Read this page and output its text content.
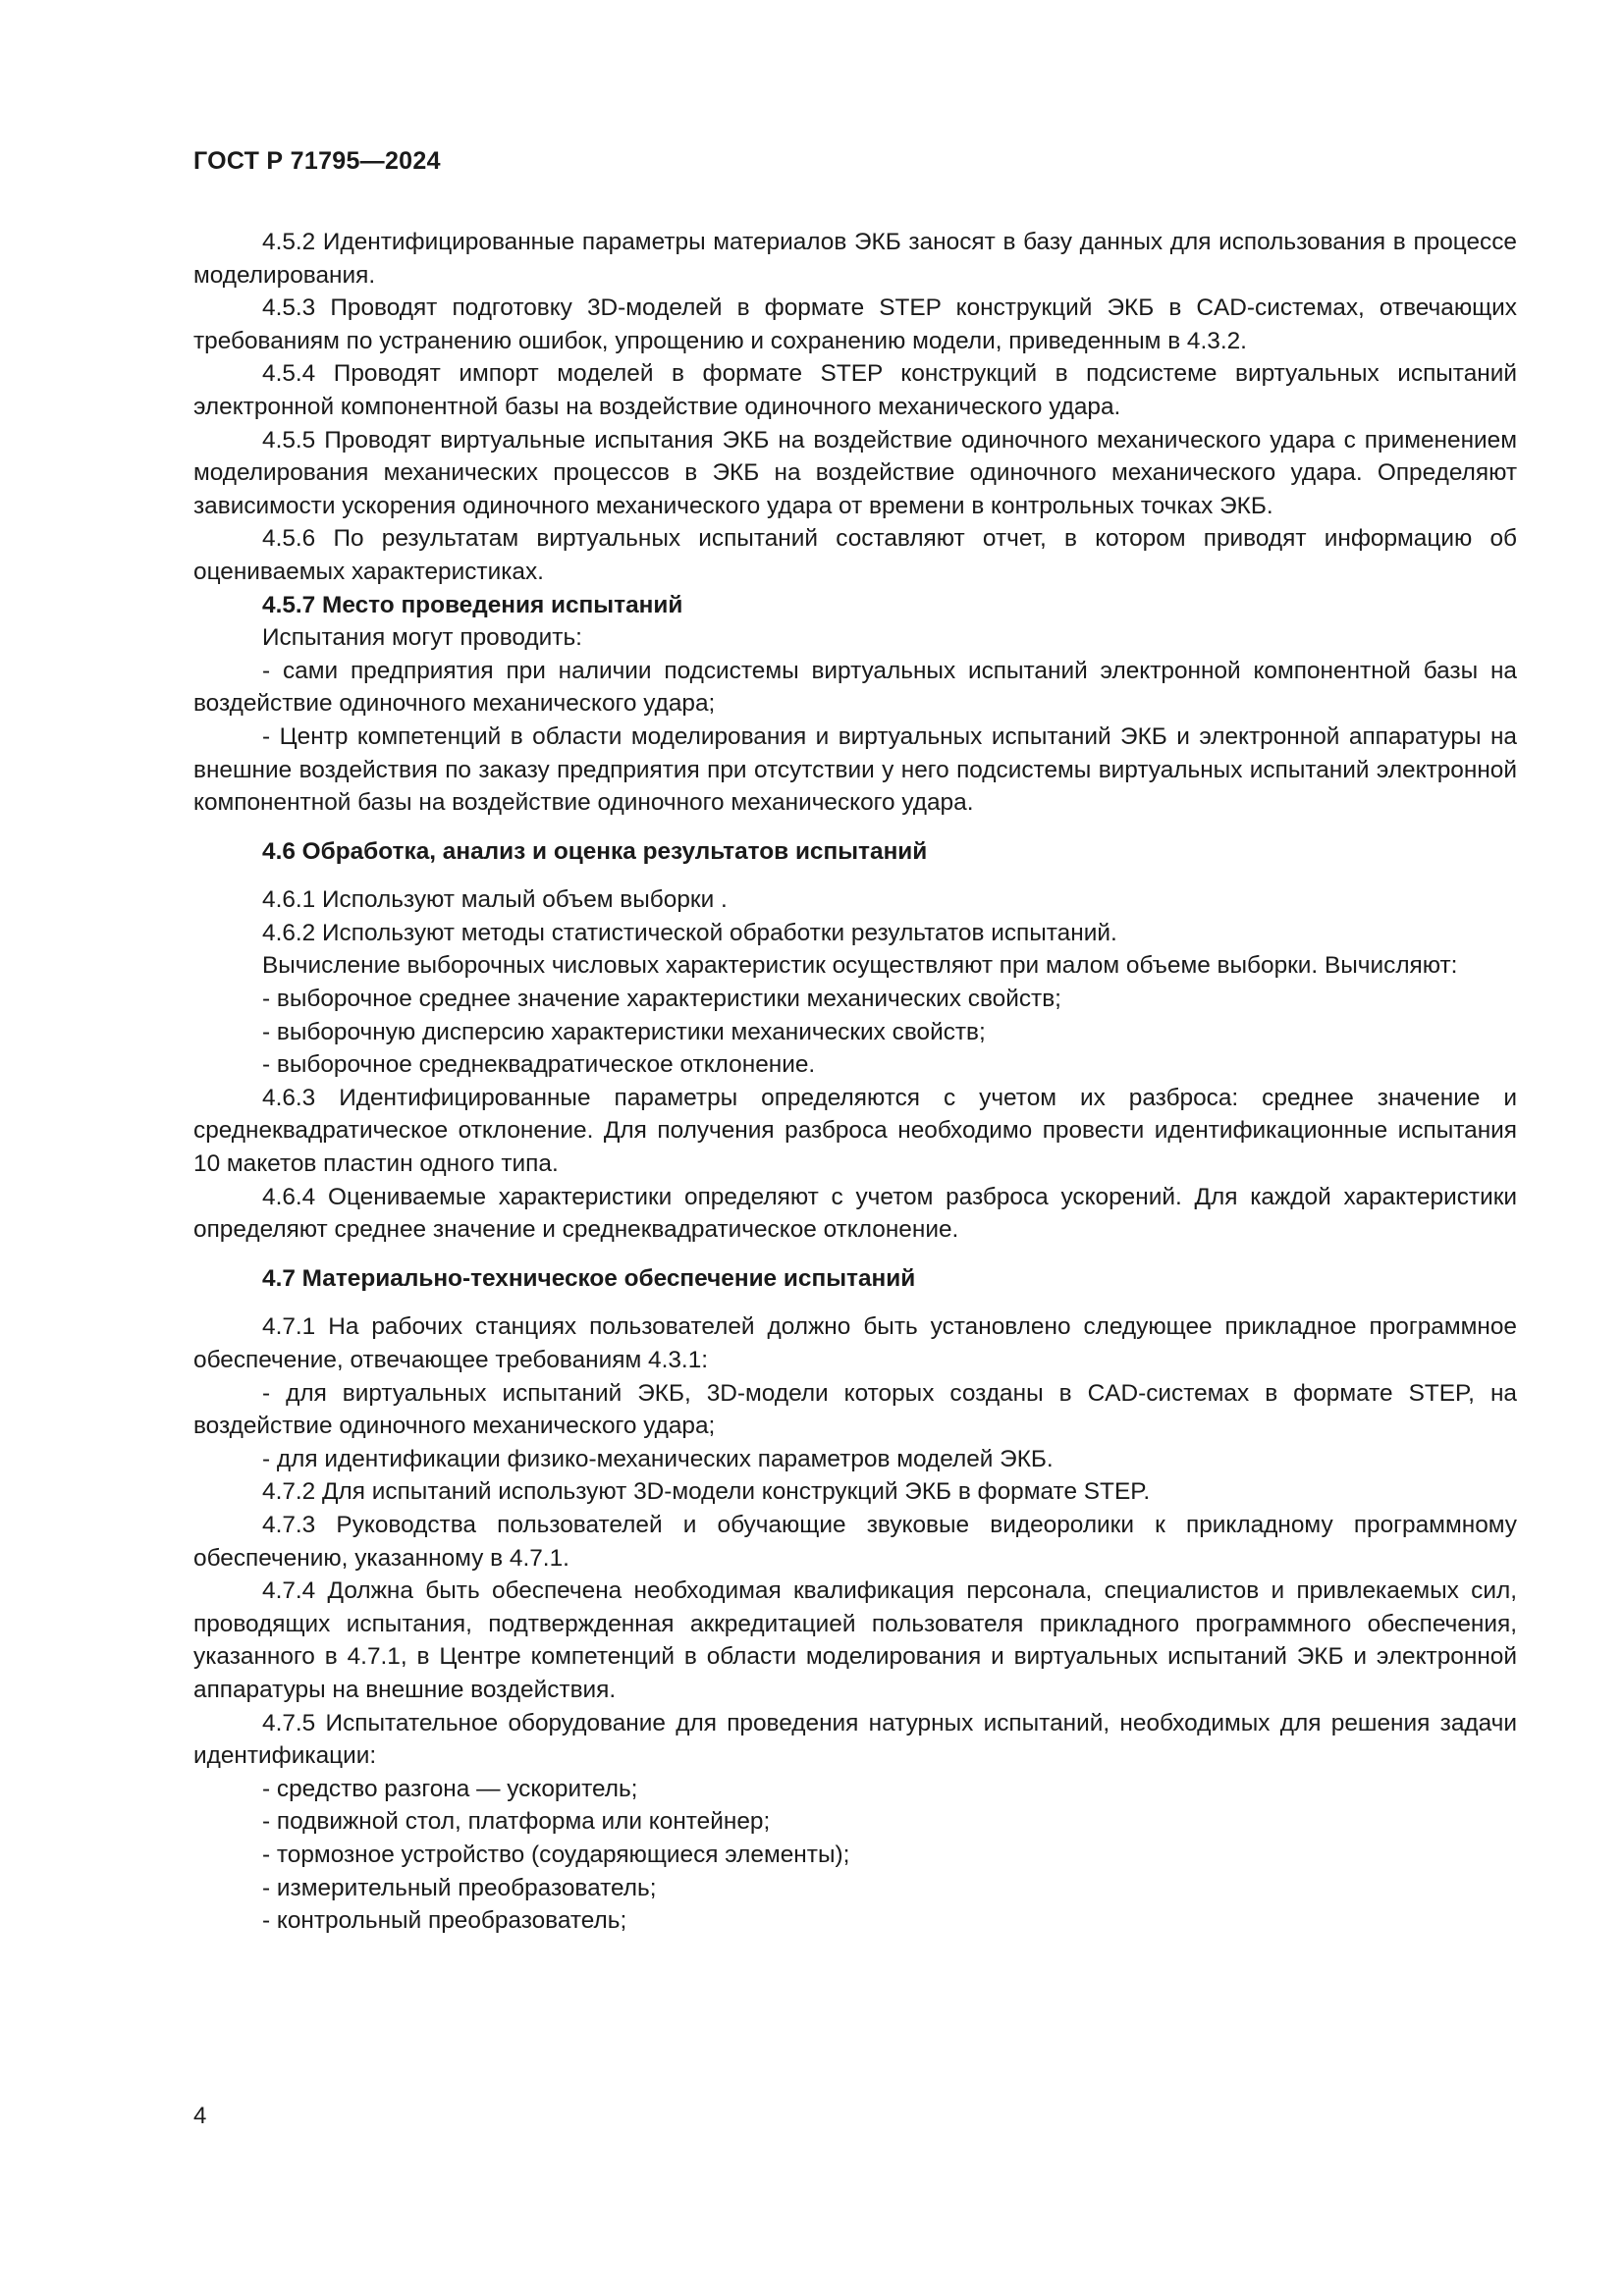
ГОСТ Р 71795—2024

4.5.2 Идентифицированные параметры материалов ЭКБ заносят в базу данных для использования в процессе моделирования.

4.5.3 Проводят подготовку 3D-моделей в формате STEP конструкций ЭКБ в CAD-системах, отвечающих требованиям по устранению ошибок, упрощению и сохранению модели, приведенным в 4.3.2.

4.5.4 Проводят импорт моделей в формате STEP конструкций в подсистеме виртуальных испытаний электронной компонентной базы на воздействие одиночного механического удара.

4.5.5 Проводят виртуальные испытания ЭКБ на воздействие одиночного механического удара с применением моделирования механических процессов в ЭКБ на воздействие одиночного механического удара. Определяют зависимости ускорения одиночного механического удара от времени в контрольных точках ЭКБ.

4.5.6 По результатам виртуальных испытаний составляют отчет, в котором приводят информацию об оцениваемых характеристиках.

4.5.7 Место проведения испытаний

Испытания могут проводить:

- сами предприятия при наличии подсистемы виртуальных испытаний электронной компонентной базы на воздействие одиночного механического удара;

- Центр компетенций в области моделирования и виртуальных испытаний ЭКБ и электронной аппаратуры на внешние воздействия по заказу предприятия при отсутствии у него подсистемы виртуальных испытаний электронной компонентной базы на воздействие одиночного механического удара.

4.6 Обработка, анализ и оценка результатов испытаний

4.6.1 Используют малый объем выборки .

4.6.2 Используют методы статистической обработки результатов испытаний.

Вычисление выборочных числовых характеристик осуществляют при малом объеме выборки. Вычисляют:

- выборочное среднее значение характеристики механических свойств;

- выборочную дисперсию характеристики механических свойств;

- выборочное среднеквадратическое отклонение.

4.6.3 Идентифицированные параметры определяются с учетом их разброса: среднее значение и среднеквадратическое отклонение. Для получения разброса необходимо провести идентификационные испытания 10 макетов пластин одного типа.

4.6.4 Оцениваемые характеристики определяют с учетом разброса ускорений. Для каждой характеристики определяют среднее значение и среднеквадратическое отклонение.

4.7 Материально-техническое обеспечение испытаний

4.7.1 На рабочих станциях пользователей должно быть установлено следующее прикладное программное обеспечение, отвечающее требованиям 4.3.1:

- для виртуальных испытаний ЭКБ, 3D-модели которых созданы в CAD-системах в формате STEP, на воздействие одиночного механического удара;

- для идентификации физико-механических параметров моделей ЭКБ.

4.7.2 Для испытаний используют 3D-модели конструкций ЭКБ в формате STEP.

4.7.3 Руководства пользователей и обучающие звуковые видеоролики к прикладному программному обеспечению, указанному в 4.7.1.

4.7.4 Должна быть обеспечена необходимая квалификация персонала, специалистов и привлекаемых сил, проводящих испытания, подтвержденная аккредитацией пользователя прикладного программного обеспечения, указанного в 4.7.1, в Центре компетенций в области моделирования и виртуальных испытаний ЭКБ и электронной аппаратуры на внешние воздействия.

4.7.5 Испытательное оборудование для проведения натурных испытаний, необходимых для решения задачи идентификации:

- средство разгона — ускоритель;

- подвижной стол, платформа или контейнер;

- тормозное устройство (соударяющиеся элементы);

- измерительный преобразователь;

- контрольный преобразователь;

4
